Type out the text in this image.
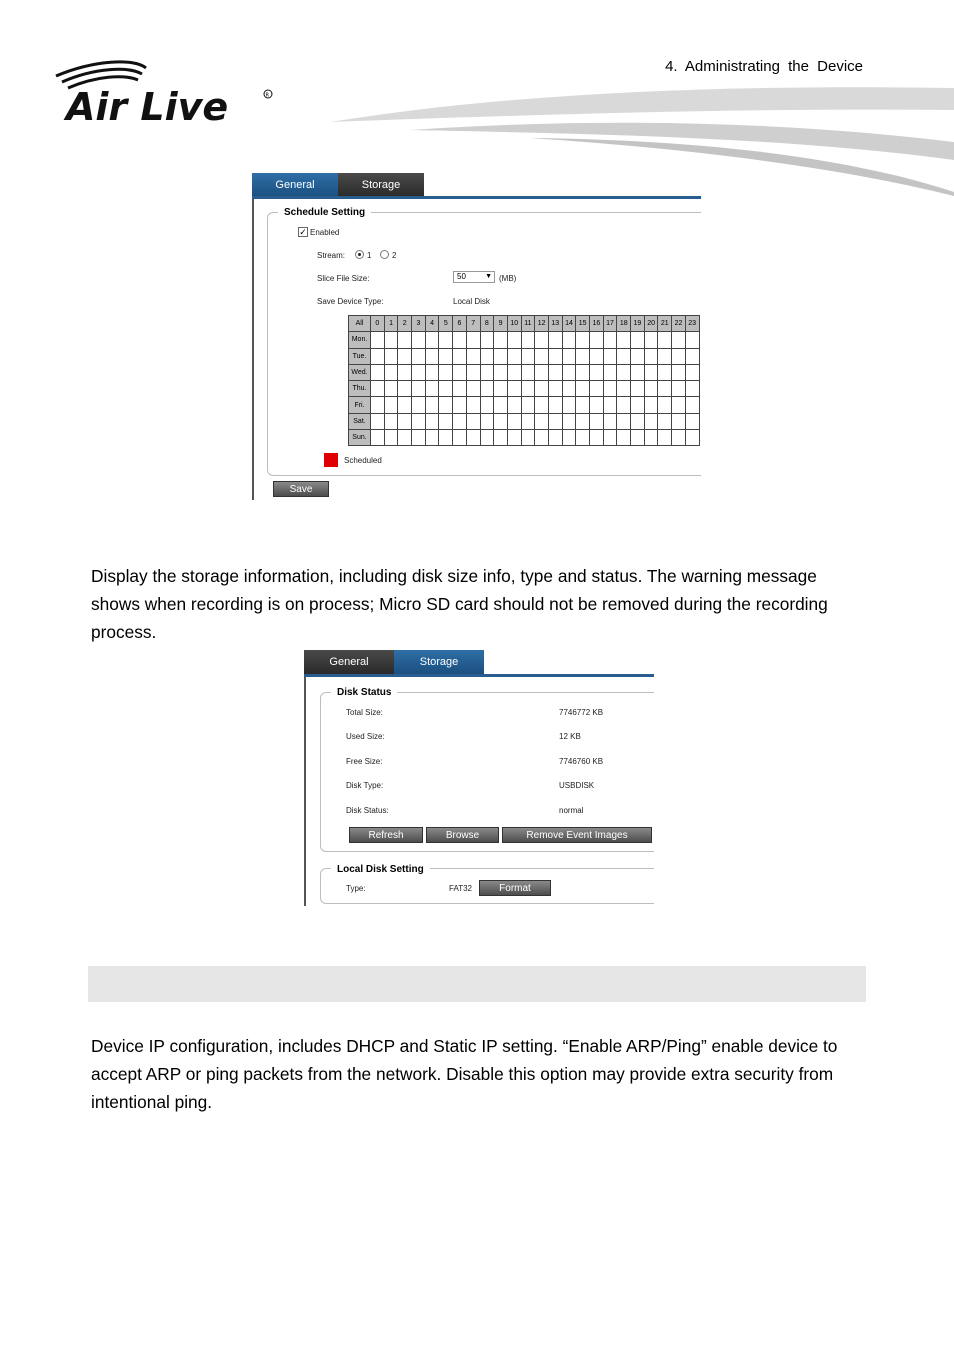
4. Administrating the Device
Air Live	R
General	Storage
Schedule Setting
✓ Enabled
Stream:	1	2
Slice File Size:	50	▼ (MB)
Save Device Type:	Local Disk
All	0	1	2	3	4	5	6	7	8	9	10	11	12	13	14	15	16	17	18	19	20	21	22	23
Mon.																								
Tue.																								
Wed.																								
Thu.																								
Fri.																								
Sat.																								
Sun.																								
Scheduled
Save

Display the storage information, including disk size info, type and status. The warning message shows when recording is on process; Micro SD card should not be removed during the recording process.

General	Storage
Disk Status
Total Size:	7746772 KB
Used Size:	12 KB
Free Size:	7746760 KB
Disk Type:	USBDISK
Disk Status:	normal
Refresh	Browse	Remove Event Images
Local Disk Setting
Type:	FAT32	Format

Device IP configuration, includes DHCP and Static IP setting. “Enable ARP/Ping” enable device to accept ARP or ping packets from the network. Disable this option may provide extra security from intentional ping.
